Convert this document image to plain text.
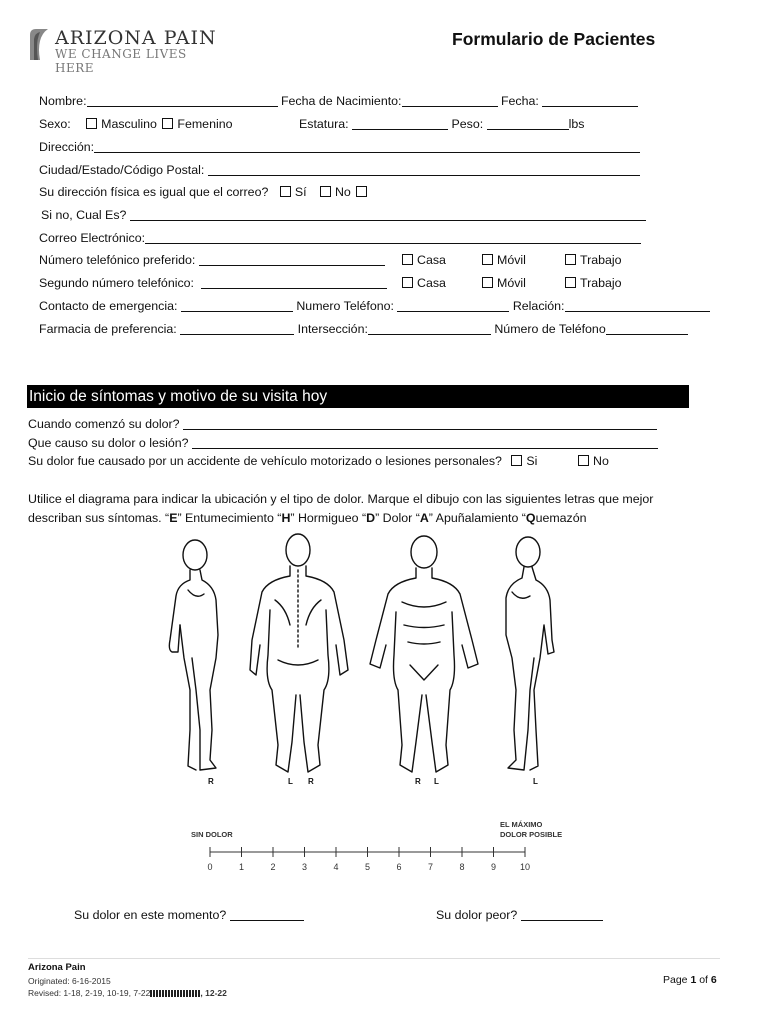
ARIZONA PAIN
WE CHANGE LIVES HERE
Formulario de Pacientes
Nombre:	Fecha de Nacimiento:	Fecha:
Sexo: Masculino Femenino	Estatura:	Peso:	lbs
Dirección:
Ciudad/Estado/Código Postal:
Su dirección física es igual que el correo? Sí No
Si no, Cual Es?
Correo Electrónico:
Número telefónico preferido:	Casa	Móvil	Trabajo
Segundo número telefónico:	Casa	Móvil	Trabajo
Contacto de emergencia:	Numero Teléfono:	Relación:
Farmacia de preferencia:	Intersección:	Número de Teléfono
Inicio de síntomas y motivo de su visita hoy
Cuando comenzó su dolor?
Que causo su dolor o lesión?
Su dolor fue causado por un accidente de vehículo motorizado o lesiones personales? Si	No
Utilice el diagrama para indicar la ubicación y el tipo de dolor. Marque el dibujo con las siguientes letras que mejor
describan sus síntomas. “E” Entumecimiento “H” Hormigueo “D” Dolor “A” Apuñalamiento “Quemazón
R	L R	R L	L
SIN DOLOR
EL MÁXIMO
DOLOR POSIBLE
0	1	2	3	4	5	6	7	8	9	10
Su dolor en este momento?	Su dolor peor?
Arizona Pain
Originated: 6-16-2015
Revised: 1-18, 2-19, 10-19, 7-22	, 12-22
Page 1 of 6
